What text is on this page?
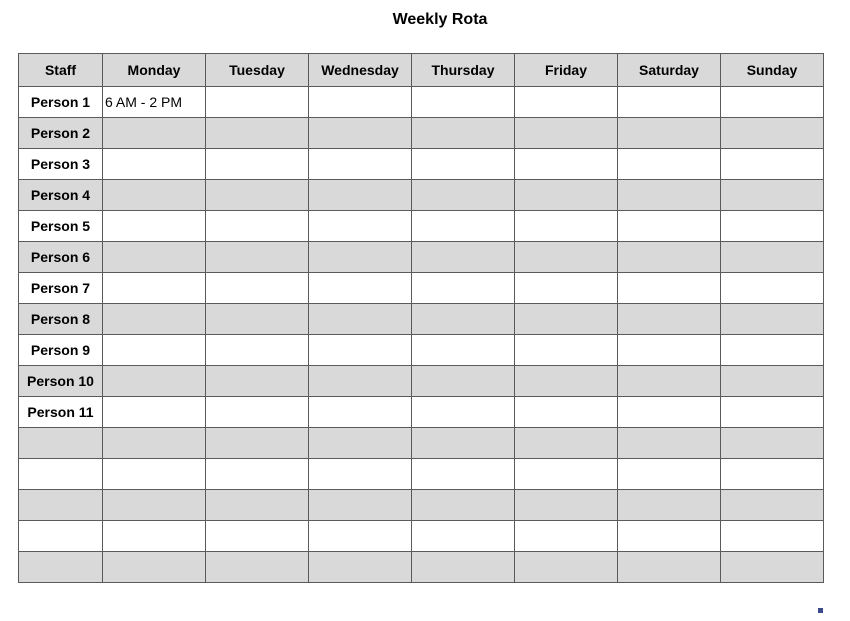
Weekly Rota
Staff	Monday	Tuesday	Wednesday	Thursday	Friday	Saturday	Sunday
Person 1	6 AM - 2 PM						
Person 2							
Person 3							
Person 4							
Person 5							
Person 6							
Person 7							
Person 8							
Person 9							
Person 10							
Person 11							
